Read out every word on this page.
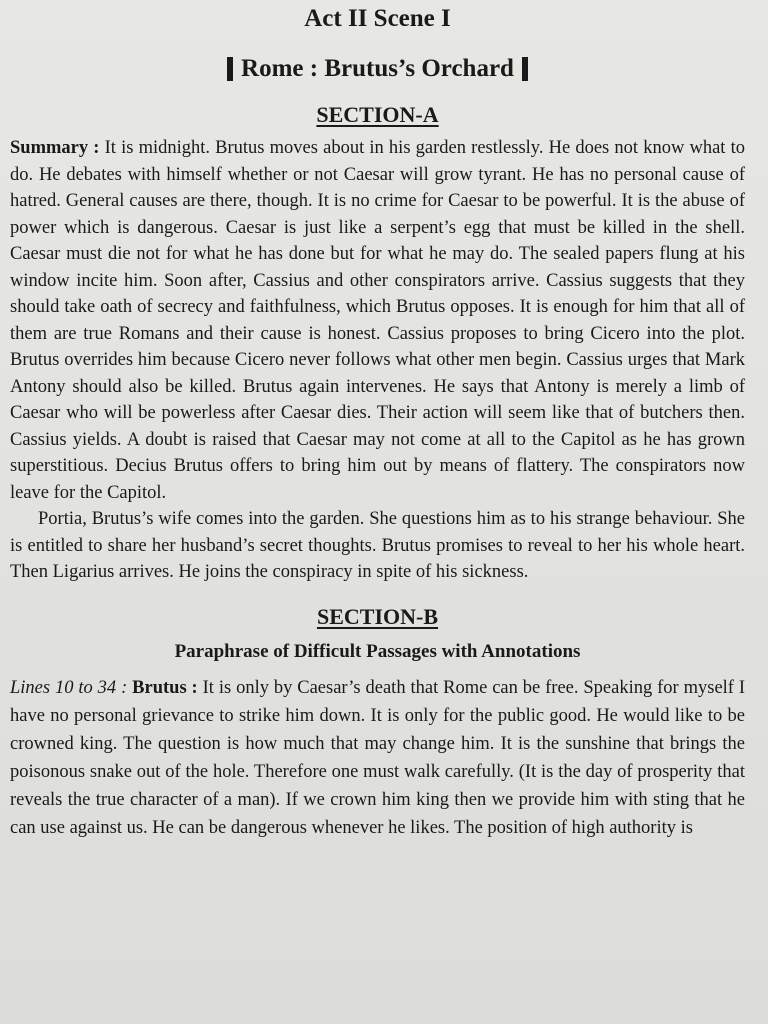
Act II Scene I
Rome : Brutus’s Orchard
SECTION-A

Summary : It is midnight. Brutus moves about in his garden restlessly. He does not know what to do. He debates with himself whether or not Caesar will grow tyrant. He has no personal cause of hatred. General causes are there, though. It is no crime for Caesar to be powerful. It is the abuse of power which is dangerous. Caesar is just like a serpent’s egg that must be killed in the shell. Caesar must die not for what he has done but for what he may do. The sealed papers flung at his window incite him. Soon after, Cassius and other conspirators arrive. Cassius suggests that they should take oath of secrecy and faithfulness, which Brutus opposes. It is enough for him that all of them are true Romans and their cause is honest. Cassius proposes to bring Cicero into the plot. Brutus overrides him because Cicero never follows what other men begin. Cassius urges that Mark Antony should also be killed. Brutus again intervenes. He says that Antony is merely a limb of Caesar who will be powerless after Caesar dies. Their action will seem like that of butchers then. Cassius yields. A doubt is raised that Caesar may not come at all to the Capitol as he has grown superstitious. Decius Brutus offers to bring him out by means of flattery. The conspirators now leave for the Capitol.

Portia, Brutus’s wife comes into the garden. She questions him as to his strange behaviour. She is entitled to share her husband’s secret thoughts. Brutus promises to reveal to her his whole heart. Then Ligarius arrives. He joins the conspiracy in spite of his sickness.

SECTION-B
Paraphrase of Difficult Passages with Annotations

Lines 10 to 34 : Brutus : It is only by Caesar’s death that Rome can be free. Speaking for myself I have no personal grievance to strike him down. It is only for the public good. He would like to be crowned king. The question is how much that may change him. It is the sunshine that brings the poisonous snake out of the hole. Therefore one must walk carefully. (It is the day of prosperity that reveals the true character of a man). If we crown him king then we provide him with sting that he can use against us. He can be dangerous whenever he likes. The position of high authority is
